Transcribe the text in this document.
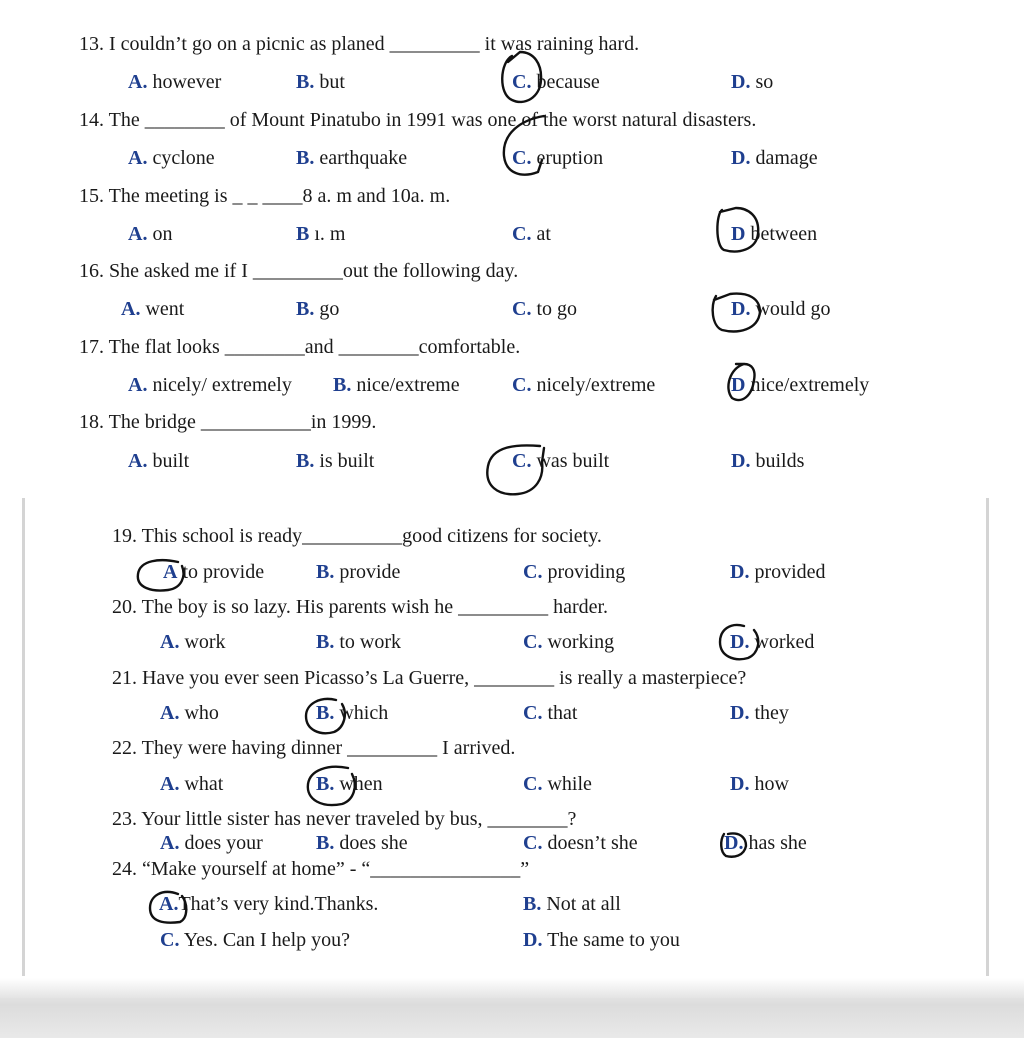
13. I couldn’t go on a picnic as planed _________ it was raining hard.
A. however	B. but	C. because	D. so
14. The ________ of Mount Pinatubo in 1991 was one of the worst natural disasters.
A. cyclone	B. earthquake	C. eruption	D. damage
15. The meeting is _ _ ____8 a. m and 10a. m.
A. on	B ı. m	C. at	D between
16. She asked me if I _________out the following day.
A. went	B. go	C. to go	D. would go
17. The flat looks ________and ________comfortable.
A. nicely/ extremely B. nice/extreme	C. nicely/extreme	D nice/extremely
18. The bridge ___________in 1999.
A. built	B. is built	C. was built	D. builds
19. This school is ready__________good citizens for society.
A to provide	B. provide	C. providing	D. provided
20. The boy is so lazy. His parents wish he _________ harder.
A. work	B. to work	C. working	D. worked
21. Have you ever seen Picasso’s La Guerre, ________ is really a masterpiece?
A. who	B. which	C. that	D. they
22. They were having dinner _________ I arrived.
A. what	B. when	C. while	D. how
23. Your little sister has never traveled by bus, ________?
A. does your	B. does she	C. doesn’t she	D. has she
24. “Make yourself at home” - “_______________”
A.That’s very kind.Thanks.	B. Not at all
C. Yes. Can I help you?	D. The same to you
